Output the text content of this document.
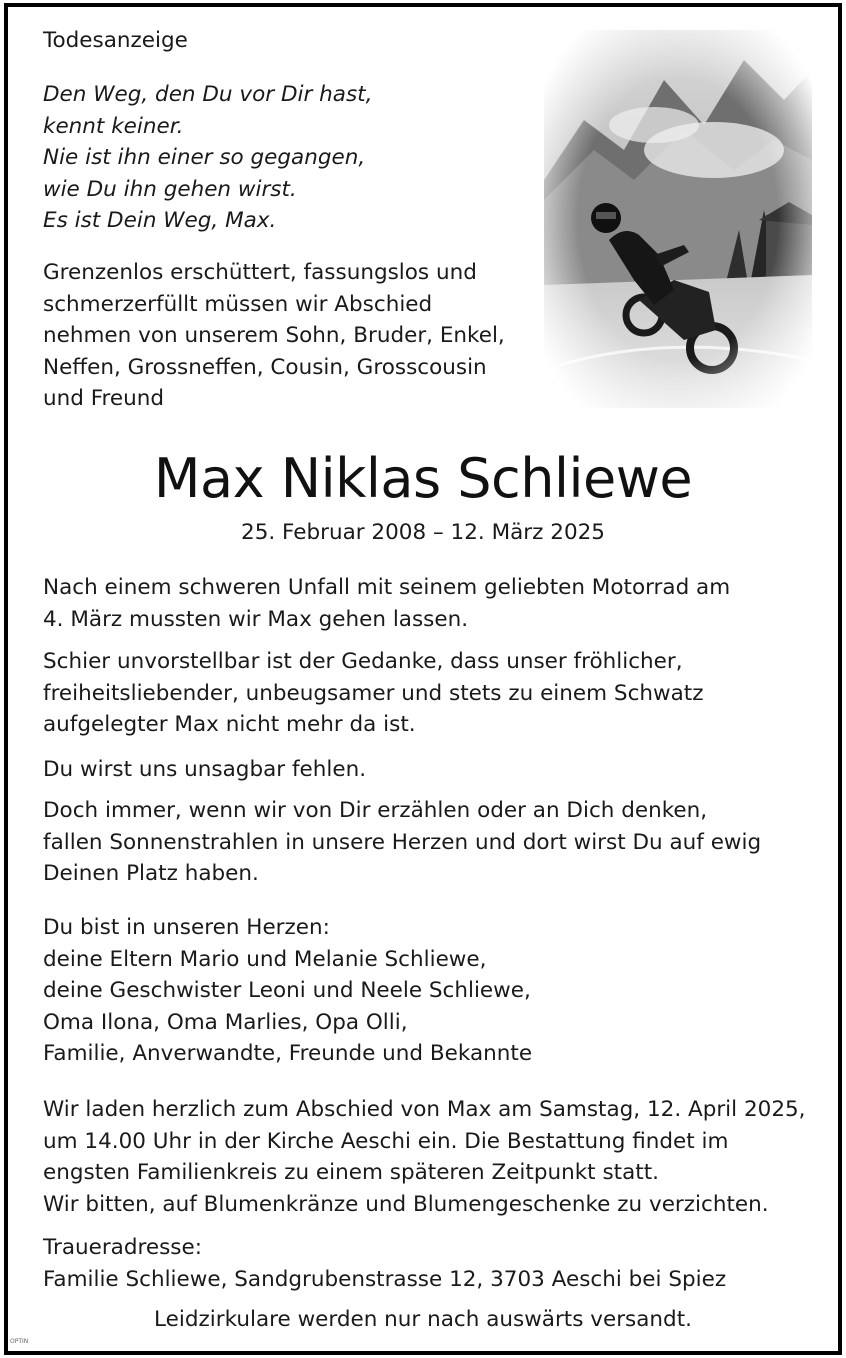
Todesanzeige
Den Weg, den Du vor Dir hast,
kennt keiner.
Nie ist ihn einer so gegangen,
wie Du ihn gehen wirst.
Es ist Dein Weg, Max.
Grenzenlos erschüttert, fassungslos und
schmerzerfüllt müssen wir Abschied
nehmen von unserem Sohn, Bruder, Enkel,
Neffen, Grossneffen, Cousin, Grosscousin
und Freund
Max Niklas Schliewe
25. Februar 2008 – 12. März 2025
Nach einem schweren Unfall mit seinem geliebten Motorrad am
4. März mussten wir Max gehen lassen.
Schier unvorstellbar ist der Gedanke, dass unser fröhlicher,
freiheitsliebender, unbeugsamer und stets zu einem Schwatz
aufgelegter Max nicht mehr da ist.
Du wirst uns unsagbar fehlen.
Doch immer, wenn wir von Dir erzählen oder an Dich denken,
fallen Sonnenstrahlen in unsere Herzen und dort wirst Du auf ewig
Deinen Platz haben.
Du bist in unseren Herzen:
deine Eltern Mario und Melanie Schliewe,
deine Geschwister Leoni und Neele Schliewe,
Oma Ilona, Oma Marlies, Opa Olli,
Familie, Anverwandte, Freunde und Bekannte
Wir laden herzlich zum Abschied von Max am Samstag, 12. April 2025,
um 14.00 Uhr in der Kirche Aeschi ein. Die Bestattung findet im
engsten Familienkreis zu einem späteren Zeitpunkt statt.
Wir bitten, auf Blumenkränze und Blumengeschenke zu verzichten.
Traueradresse:
Familie Schliewe, Sandgrubenstrasse 12, 3703 Aeschi bei Spiez
Leidzirkulare werden nur nach auswärts versandt.
OPTIN
